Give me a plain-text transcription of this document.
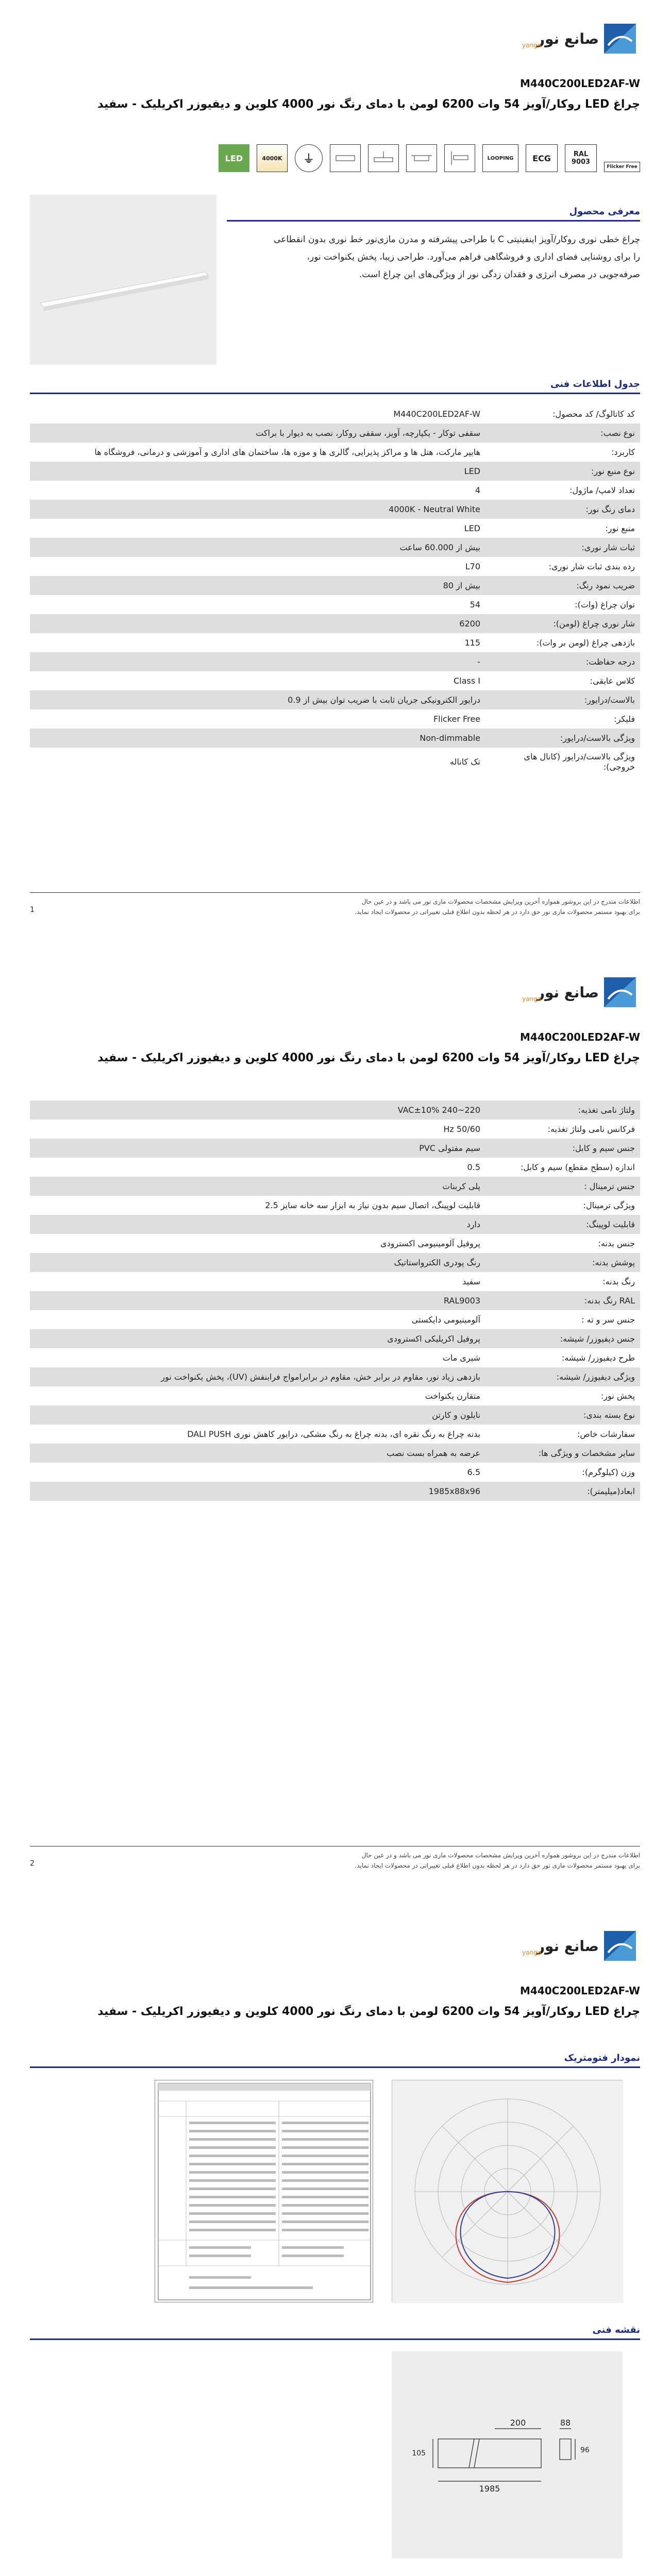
صانع نور
yanga
M440C200LED2AF-W
چراغ LED روکار/آویز 54 وات 6200 لومن با دمای رنگ نور 4000 کلوین و دیفیوزر اکریلیک - سفید
LED	4000K	⏚	LOOPING	ECG	RAL 9003
Flicker Free
معرفی محصول
چراغ خطی نوری روکار/آویز اینفینیتی C با طراحی پیشرفته و مدرن مازی‌نور خط نوری بدون انقطاعی
را برای روشنایی فضای اداری و فروشگاهی فراهم می‌آورد. طراحی زیبا، پخش یکنواخت نور،
صرفه‌جویی در مصرف انرژی و فقدان زدگی نور از ویژگی‌های این چراغ است.
جدول اطلاعات فنی
کد کاتالوگ/ کد محصول:
M440C200LED2AF-W
نوع نصب:
سقفی توکار - یکپارچه، آویز، سقفی روکار، نصب به دیوار با براکت
کاربرد:
هایپر مارکت، هتل ها و مراکز پذیرایی، گالری ها و موزه ها، ساختمان های اداری و آموزشی و درمانی، فروشگاه ها
نوع منبع نور:
LED
تعداد لامپ/ ماژول:
4
دمای رنگ نور:
4000K - Neutral White
منبع نور:
LED
ثبات شار نوری:
بیش از 60.000 ساعت
رده بندی ثبات شار نوری:
L70
ضریب نمود رنگ:
بیش از 80
توان چراغ (وات):
54
شار نوری چراغ (لومن):
6200
بازدهی چراغ (لومن بر وات):
115
درجه حفاظت:
-
کلاس عایقی:
Class I
بالاست/درایور:
درایور الکترونیکی جریان ثابت با ضریب توان بیش از 0.9
فلیکر:
Flicker Free
ویژگی بالاست/درایور:
Non-dimmable
ویژگی بالاست/درایور (کانال های خروجی):
تک کاناله
اطلاعات مندرج در این بروشور همواره آخرین ویرایش مشخصات محصولات مازی نور می باشد و در عین حال
برای بهبود مستمر محصولات مازی نور حق دارد در هر لحظه بدون اطلاع قبلی تغییراتی در محصولات ایجاد نماید.
1
صانع نور
yanga
M440C200LED2AF-W
چراغ LED روکار/آویز 54 وات 6200 لومن با دمای رنگ نور 4000 کلوین و دیفیوزر اکریلیک - سفید
ولتاژ نامی تغذیه:
220~240 VAC±10%
فرکانس نامی ولتاژ تغذیه:
50/60 Hz
جنس سیم و کابل:
سیم مفتولی PVC
اندازه (سطح مقطع) سیم و کابل:
0.5
جنس ترمینال :
پلی کربنات
ویژگی ترمینال:
قابلیت لوپینگ، اتصال سیم بدون نیاز به ابزار سه خانه سایز 2.5
قابلیت لوپینگ:
دارد
جنس بدنه:
پروفیل آلومینیومی اکسترودی
پوشش بدنه:
رنگ پودری الکترواستاتیک
رنگ بدنه:
سفید
RAL رنگ بدنه:
RAL9003
جنس سر و ته :
آلومینیومی دایکستی
جنس دیفیوزر/ شیشه:
پروفیل اکریلیکی اکسترودی
طرح دیفیوزر/ شیشه:
شیری مات
ویژگی دیفیوزر/ شیشه:
بازدهی زیاد نور، مقاوم در برابر خش، مقاوم در برابرامواج فرابنفش (UV)، پخش یکنواخت نور
پخش نور:
متقارن یکنواخت
نوع بسته بندی:
نایلون و کارتن
سفارشات خاص:
بدنه چراغ به رنگ نقره ای، بدنه چراغ به رنگ مشکی، درایور کاهش نوری DALI PUSH
سایر مشخصات و ویژگی ها:
عرضه به همراه بست نصب
وزن (کیلوگرم):
6.5
ابعاد(میلیمتر):
1985x88x96
اطلاعات مندرج در این بروشور همواره آخرین ویرایش مشخصات محصولات مازی نور می باشد و در عین حال
برای بهبود مستمر محصولات مازی نور حق دارد در هر لحظه بدون اطلاع قبلی تغییراتی در محصولات ایجاد نماید.
2
صانع نور
yanga
M440C200LED2AF-W
چراغ LED روکار/آویز 54 وات 6200 لومن با دمای رنگ نور 4000 کلوین و دیفیوزر اکریلیک - سفید
نمودار فتومتریک
نقشه فنی
1985
200	88
96
105
